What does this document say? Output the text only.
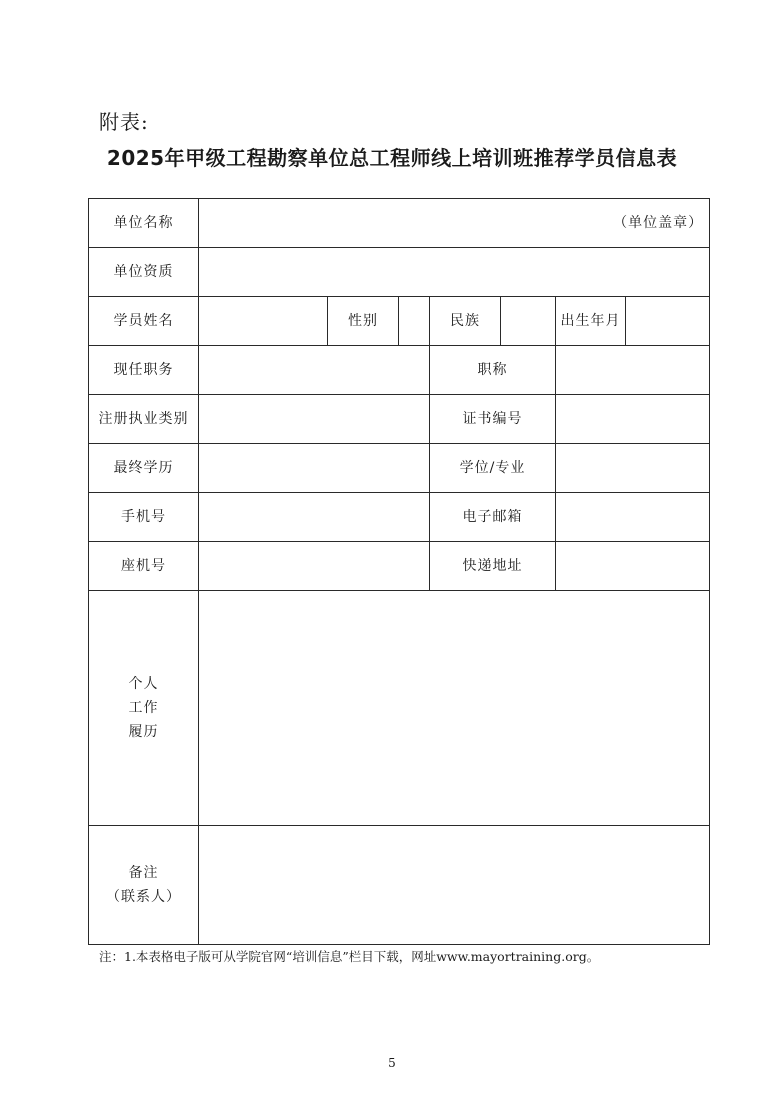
附表:
2025年甲级工程勘察单位总工程师线上培训班推荐学员信息表
单位名称	（单位盖章）						
单位资质							
学员姓名		性别		民族		出生年月	
现任职务				职称			
注册执业类别				证书编号			
最终学历				学位/专业			
手机号				电子邮箱			
座机号				快递地址			

个人
工作
履历							

备注
（联系人）							

注：1.本表格电子版可从学院官网“培训信息”栏目下载，网址www.mayortraining.org。
5
